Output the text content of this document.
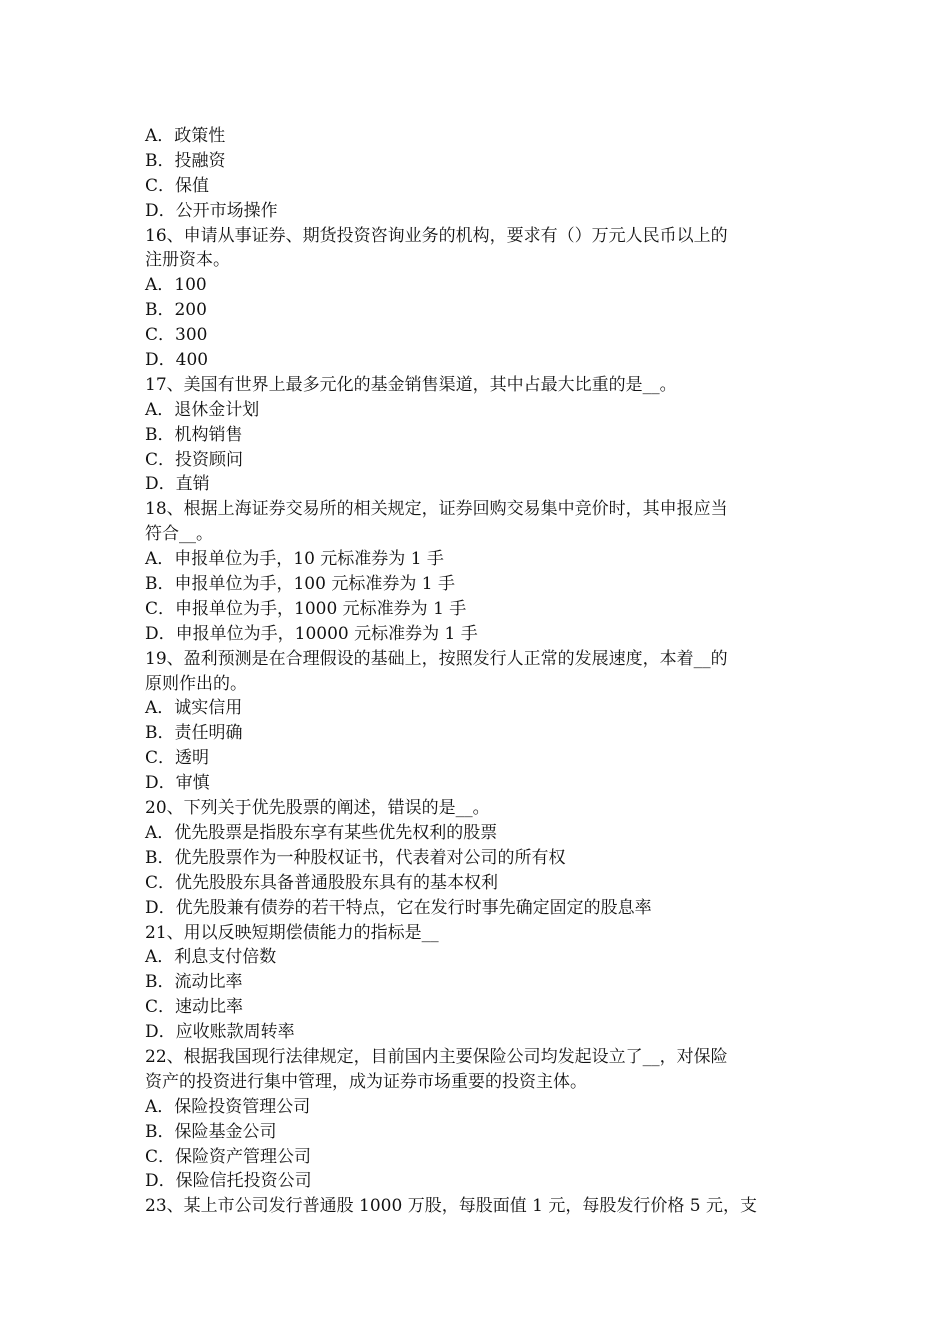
A．政策性
B．投融资
C．保值
D．公开市场操作
16、申请从事证券、期货投资咨询业务的机构，要求有（）万元人民币以上的
注册资本。
A．100
B．200
C．300
D．400
17、美国有世界上最多元化的基金销售渠道，其中占最大比重的是__。
A．退休金计划
B．机构销售
C．投资顾问
D．直销
18、根据上海证券交易所的相关规定，证券回购交易集中竞价时，其申报应当
符合__。
A．申报单位为手，10 元标准券为 1 手
B．申报单位为手，100 元标准券为 1 手
C．申报单位为手，1000 元标准券为 1 手
D．申报单位为手，10000 元标准券为 1 手
19、盈利预测是在合理假设的基础上，按照发行人正常的发展速度，本着__的
原则作出的。
A．诚实信用
B．责任明确
C．透明
D．审慎
20、下列关于优先股票的阐述，错误的是__。
A．优先股票是指股东享有某些优先权利的股票
B．优先股票作为一种股权证书，代表着对公司的所有权
C．优先股股东具备普通股股东具有的基本权利
D．优先股兼有债券的若干特点，它在发行时事先确定固定的股息率
21、用以反映短期偿债能力的指标是__
A．利息支付倍数
B．流动比率
C．速动比率
D．应收账款周转率
22、根据我国现行法律规定，目前国内主要保险公司均发起设立了__，对保险
资产的投资进行集中管理，成为证券市场重要的投资主体。
A．保险投资管理公司
B．保险基金公司
C．保险资产管理公司
D．保险信托投资公司
23、某上市公司发行普通股 1000 万股，每股面值 1 元，每股发行价格 5 元，支
